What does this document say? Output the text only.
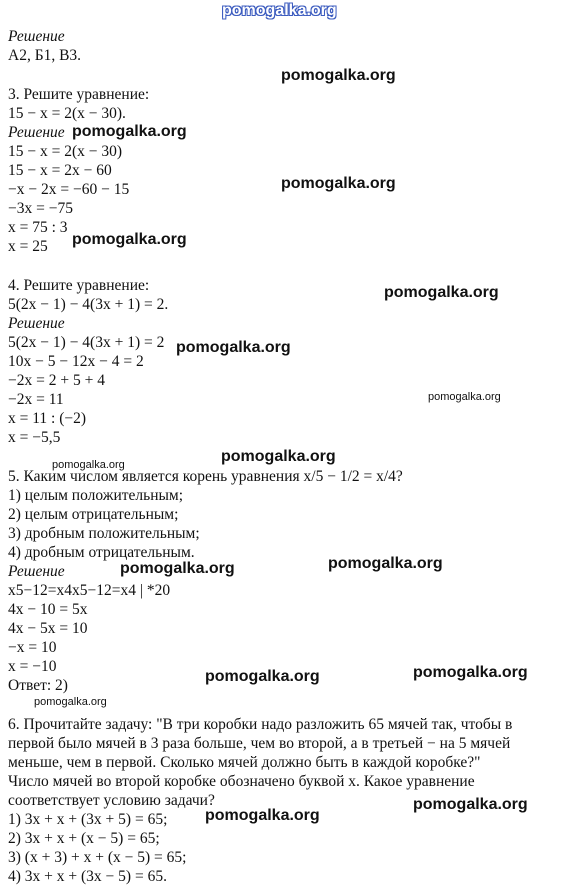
pomogalka.org
Решение
А2, Б1, В3.
3. Решите уравнение:
15 − x = 2(x − 30).
Решение
15 − x = 2(x − 30)
15 − x = 2x − 60
−x − 2x = −60 − 15
−3x = −75
x = 75 : 3
x = 25
4. Решите уравнение:
5(2x − 1) − 4(3x + 1) = 2.
Решение
5(2x − 1) − 4(3x + 1) = 2
10x − 5 − 12x − 4 = 2
−2x = 2 + 5 + 4
−2x = 11
x = 11 : (−2)
x = −5,5
5. Каким числом является корень уравнения x/5 − 1/2 = x/4?
1) целым положительным;
2) целым отрицательным;
3) дробным положительным;
4) дробным отрицательным.
Решение
x5−12=x4x5−12=x4 | *20
4x − 10 = 5x
4x − 5x = 10
−x = 10
x = −10
Ответ: 2)
6. Прочитайте задачу: "В три коробки надо разложить 65 мячей так, чтобы в
первой было мячей в 3 раза больше, чем во второй, а в третьей − на 5 мячей
меньше, чем в первой. Сколько мячей должно быть в каждой коробке?"
Число мячей во второй коробке обозначено буквой x. Какое уравнение
соответствует условию задачи?
1) 3x + x + (3x + 5) = 65;
2) 3x + x + (x − 5) = 65;
3) (x + 3) + x + (x − 5) = 65;
4) 3x + x + (3x − 5) = 65.
pomogalka.org
pomogalka.org
pomogalka.org
pomogalka.org
pomogalka.org
pomogalka.org
pomogalka.org
pomogalka.org
pomogalka.org
pomogalka.org	pomogalka.org
pomogalka.org	pomogalka.org
pomogalka.org
pomogalka.org
pomogalka.org
